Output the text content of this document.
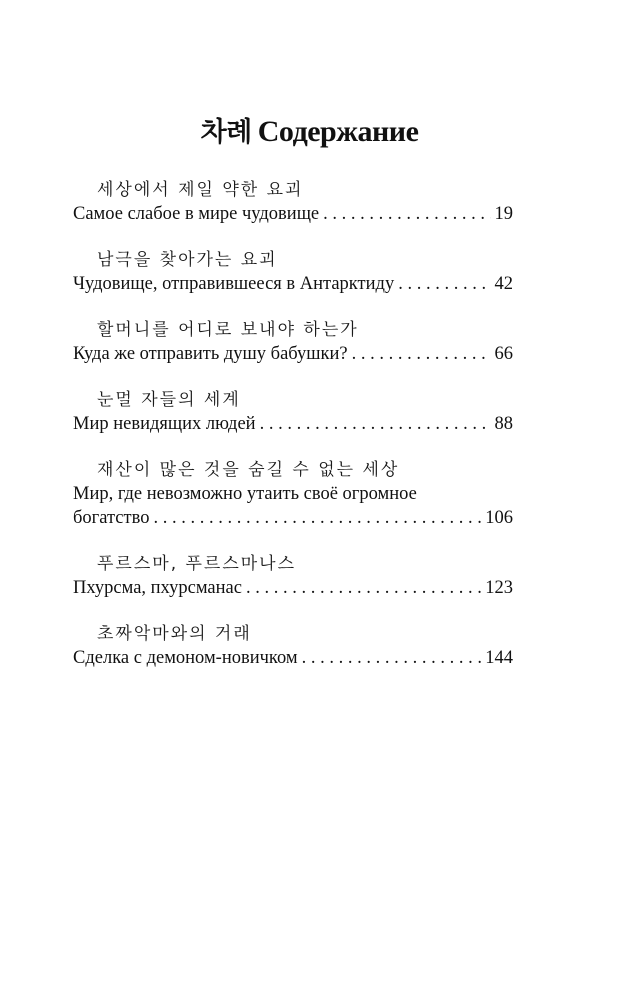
차례 Содержание
세상에서 제일 약한 요괴
Самое слабое в мире чудовище . . .	19
남극을 찾아가는 요괴
Чудовище, отправившееся в Антарктиду . . .	42
할머니를 어디로 보내야 하는가
Куда же отправить душу бабушки? . . .	66
눈멀 자들의 세계
Мир невидящих людей . . .	88
재산이 많은 것을 숨길 수 없는 세상
Мир, где невозможно утаить своё огромное
богатство . . .	106
푸르스마, 푸르스마나스
Пхурсма, пхурсманас . . .	123
초짜악마와의 거래
Сделка с демоном-новичком . . .	144
